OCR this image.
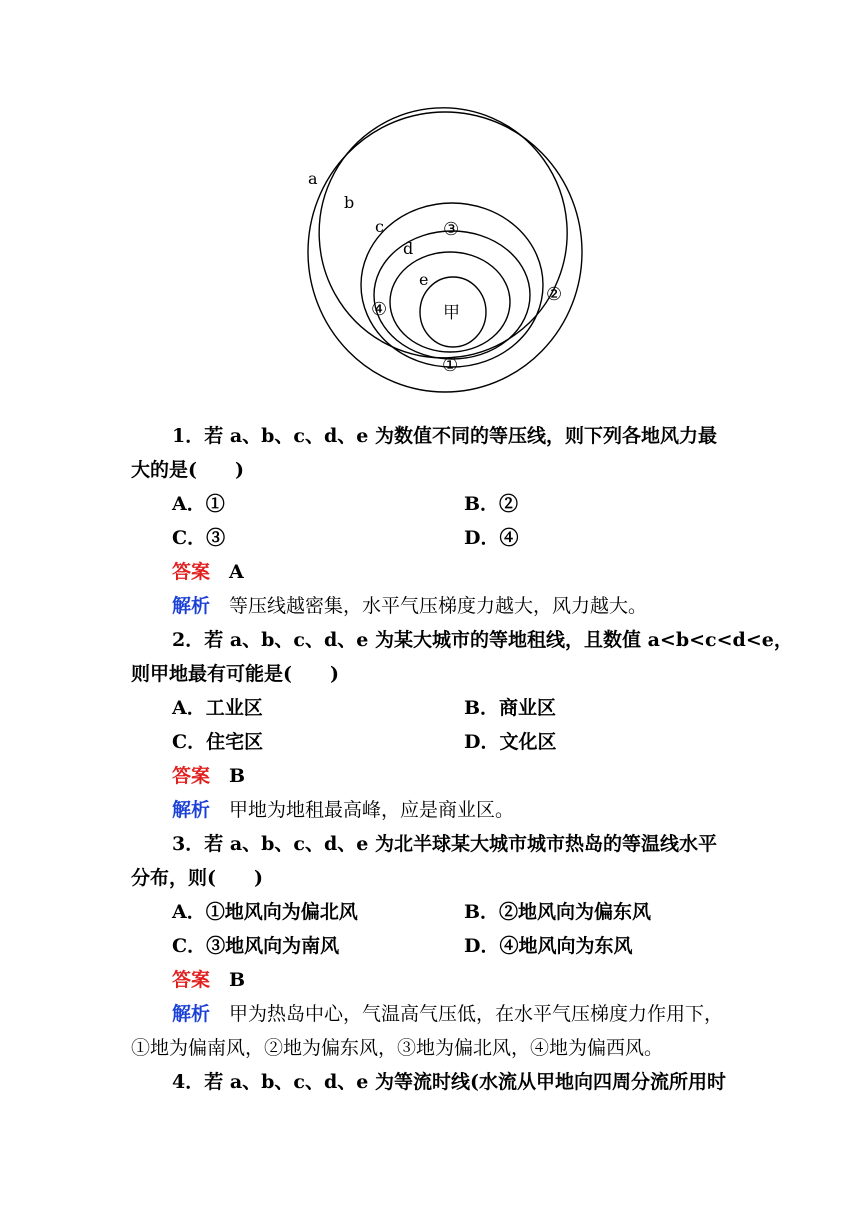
a
b
c
d
e
①
②
③
④	甲
1．若 a、b、c、d、e 为数值不同的等压线，则下列各地风力最
大的是(　　)
A．①	B．②
C．③	D．④
答案　 A
解析　 等压线越密集，水平气压梯度力越大，风力越大。
2．若 a、b、c、d、e 为某大城市的等地租线，且数值 a<b<c<d<e，
则甲地最有可能是(　　)
A．工业区	B．商业区
C．住宅区	D．文化区
答案　 B
解析　 甲地为地租最高峰，应是商业区。
3．若 a、b、c、d、e 为北半球某大城市城市热岛的等温线水平
分布，则(　　)
A．①地风向为偏北风	B．②地风向为偏东风
C．③地风向为南风	D．④地风向为东风
答案　 B
解析　 甲为热岛中心，气温高气压低，在水平气压梯度力作用下，
①地为偏南风，②地为偏东风，③地为偏北风，④地为偏西风。
4．若 a、b、c、d、e 为等流时线(水流从甲地向四周分流所用时
